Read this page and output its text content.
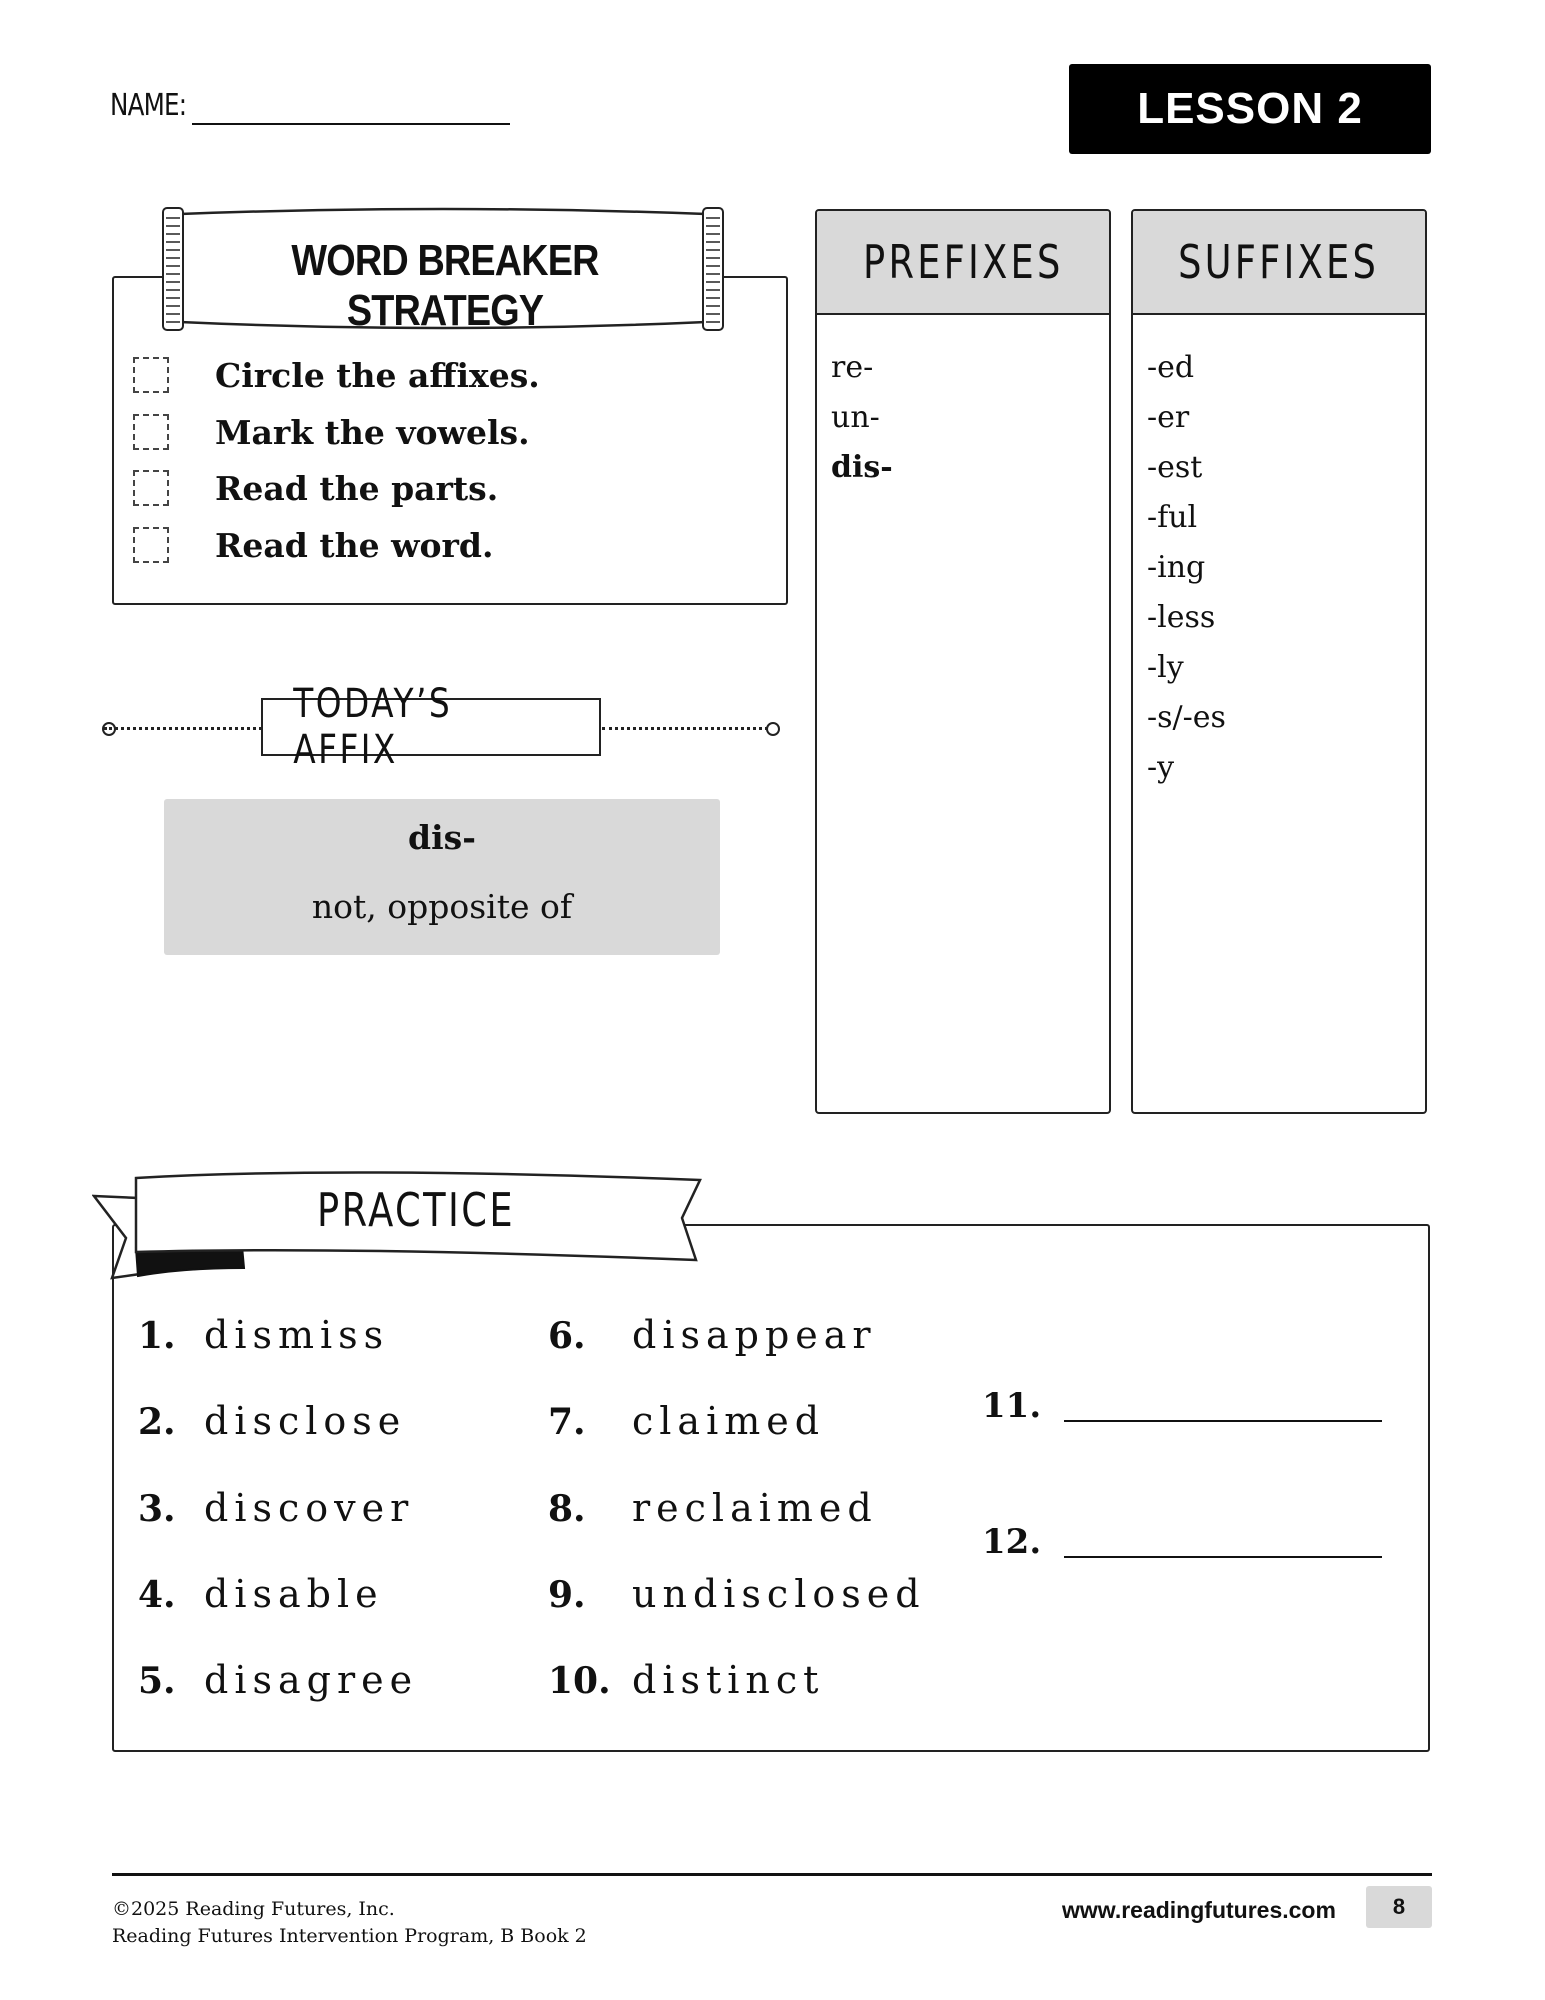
NAME:	LESSON 2
WORD BREAKER STRATEGY
Circle the affixes.
Mark the vowels.
Read the parts.
Read the word.
TODAY’S AFFIX
dis-
not, opposite of
PREFIXES
re-
un-
dis-
SUFFIXES
-ed
-er
-est
-ful
-ing
-less
-ly
-s/-es
-y
PRACTICE
1. dismiss
2. disclose
3. discover
4. disable
5. disagree
6.	disappear
7.	claimed
8.	reclaimed
9.	undisclosed
10. distinct
11.
12.
©2025 Reading Futures, Inc.
Reading Futures Intervention Program, B Book 2
www.readingfutures.com	8
